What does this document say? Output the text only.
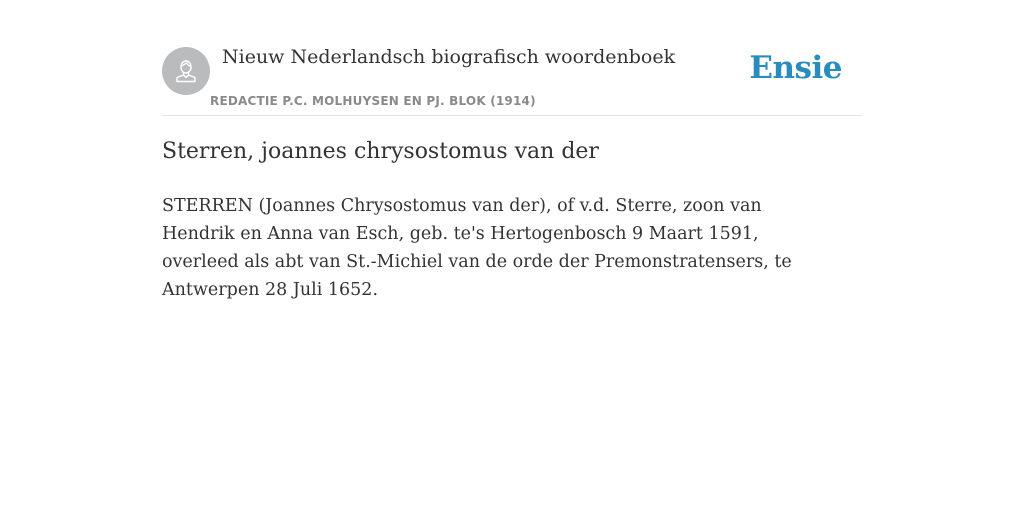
Nieuw Nederlandsch biografisch woordenboek
REDACTIE P.C. MOLHUYSEN EN PJ. BLOK (1914)
Ensie
Sterren, joannes chrysostomus van der

STERREN (Joannes Chrysostomus van der), of v.d. Sterre, zoon van Hendrik en Anna van Esch, geb. te's Hertogenbosch 9 Maart 1591, overleed als abt van St.-Michiel van de orde der Premonstratensers, te Antwerpen 28 Juli 1652.
